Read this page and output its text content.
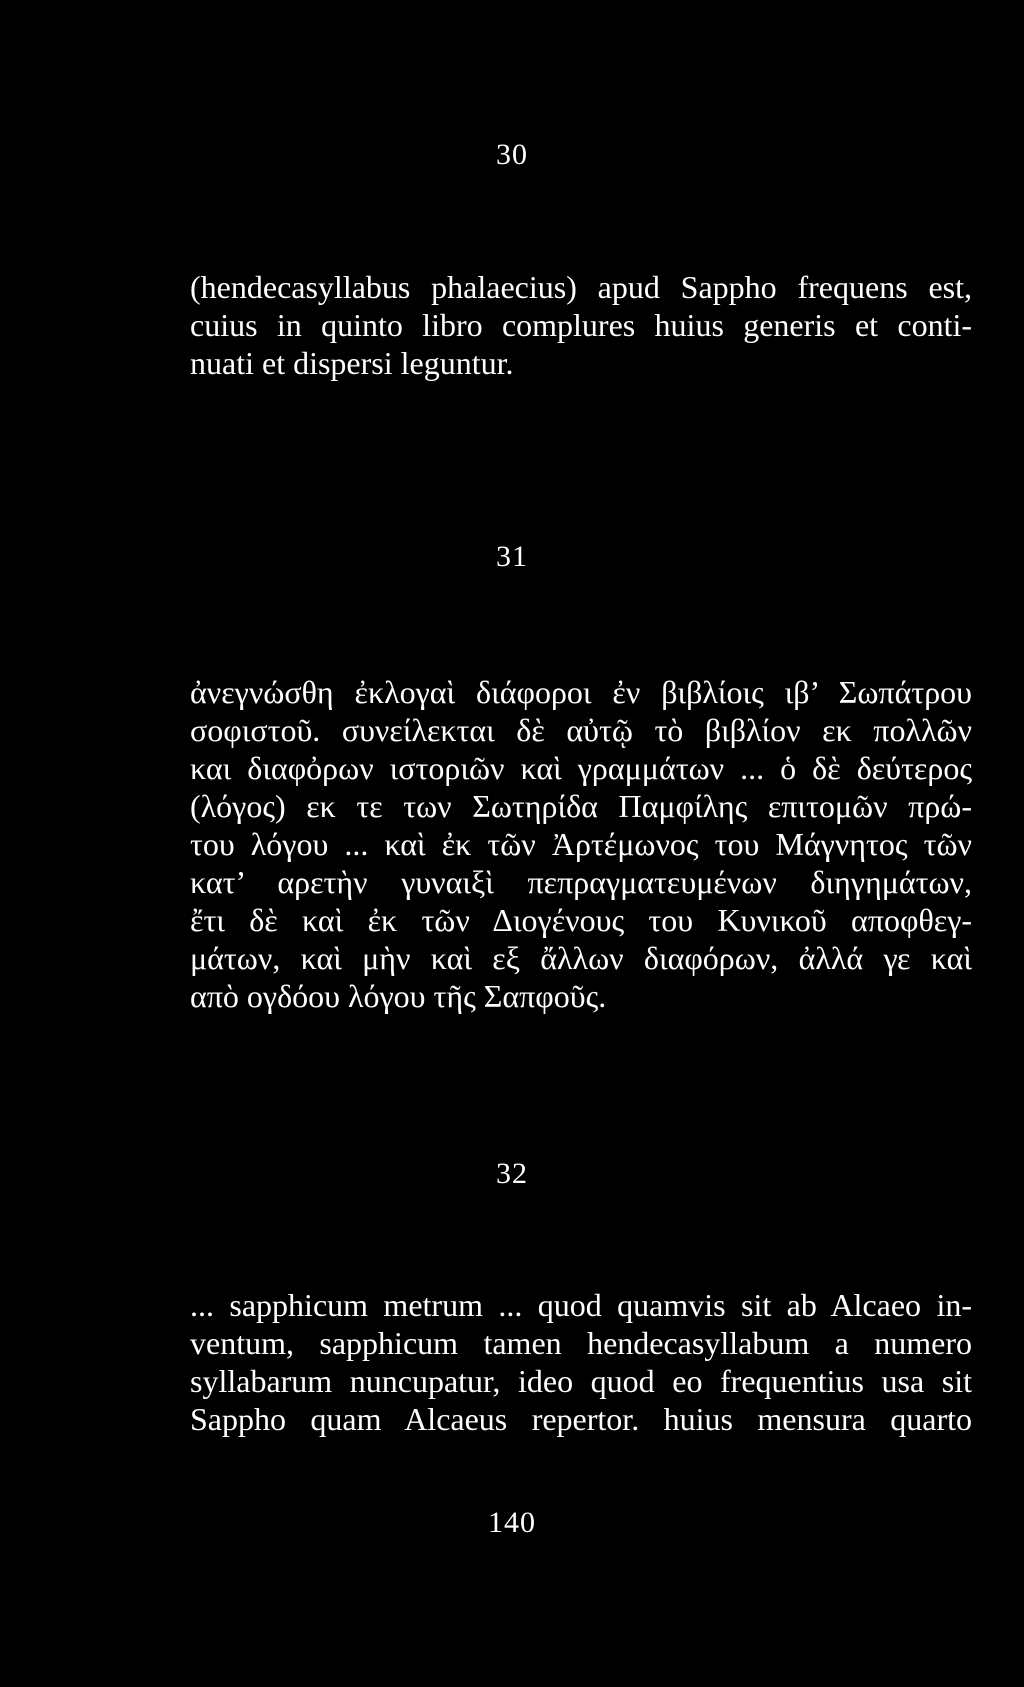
30
(hendecasyllabus phalaecius) apud Sappho frequens est,
cuius in quinto libro complures huius generis et conti-
nuati et dispersi leguntur.
31
ἀνεγνώσθη ἐκλογαὶ διάφοροι ἐν βιβλίοις ιβ’ Σωπάτρου
σοφιστοῦ. συνείλεκται δὲ αὐτῷ τὸ βιβλίον εκ πολλῶν
και διαφὀρων ιστοριῶν καὶ γραμμάτων ... ὁ δὲ δεύτερος
(λόγος) εκ τε των Σωτηρίδα Παμφίλης επιτομῶν πρώ-
του λόγου ... καὶ ἐκ τῶν Ἀρτέμωνος του Μάγνητος τῶν
κατ’ αρετὴν γυναιξὶ πεπραγματευμένων διηγημάτων,
ἔτι δὲ καὶ ἐκ τῶν Διογένους του Κυνικοῦ αποφθεγ-
μάτων, καὶ μὴν καὶ εξ ἄλλων διαφόρων, ἀλλά γε καὶ
απὸ ογδόου λόγου τῆς Σαπφοῦς.
32
... sapphicum metrum ... quod quamvis sit ab Alcaeo in-
ventum, sapphicum tamen hendecasyllabum a numero
syllabarum nuncupatur, ideo quod eo frequentius usa sit
Sappho quam Alcaeus repertor. huius mensura quarto
140
